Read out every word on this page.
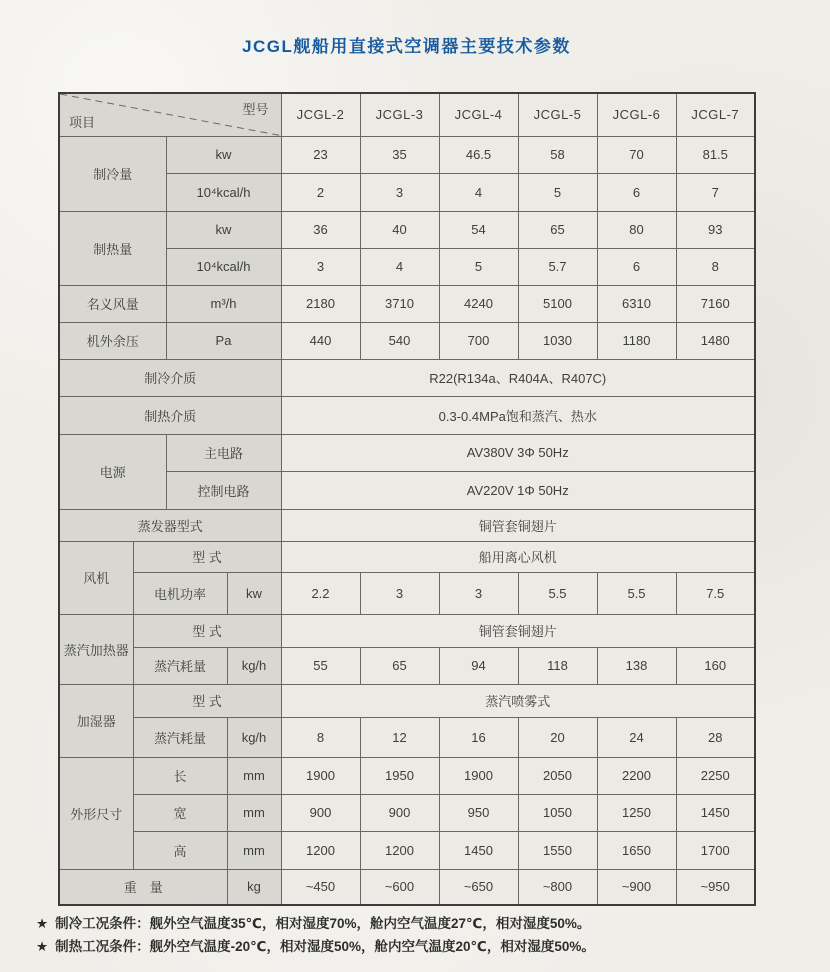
JCGL舰船用直接式空调器主要技术参数
项目
型号				JCGL-2	JCGL-3	JCGL-4	JCGL-5	JCGL-6	JCGL-7
制冷量		kw		23	35	46.5	58	70	81.5
		10⁴kcal/h		2	3	4	5	6	7
制热量		kw		36	40	54	65	80	93
		10⁴kcal/h		3	4	5	5.7	6	8
名义风量		m³/h		2180	3710	4240	5100	6310	7160
机外余压		Pa		440	540	700	1030	1180	1480
制冷介质				R22(R134a、R404A、R407C)					
制热介质				0.3-0.4MPa饱和蒸汽、热水					
电源		主电路		AV380V 3Φ 50Hz					
		控制电路		AV220V 1Φ 50Hz					
蒸发器型式				铜管套铜翅片					
风机	型 式			船用离心风机					
	电机功率		kw	2.2	3	3	5.5	5.5	7.5
蒸汽加热器	型 式			铜管套铜翅片					
	蒸汽耗量		kg/h	55	65	94	118	138	160
加湿器	型 式			蒸汽喷雾式					
	蒸汽耗量		kg/h	8	12	16	20	24	28
外形尺寸	长		mm	1900	1950	1900	2050	2200	2250
	宽		mm	900	900	950	1050	1250	1450
	高		mm	1200	1200	1450	1550	1650	1700
重　量			kg	~450	~600	~650	~800	~900	~950
★ 制冷工况条件：舰外空气温度35℃，相对湿度70%，舱内空气温度27℃，相对湿度50%。
★ 制热工况条件：舰外空气温度-20℃，相对湿度50%，舱内空气温度20℃，相对湿度50%。
